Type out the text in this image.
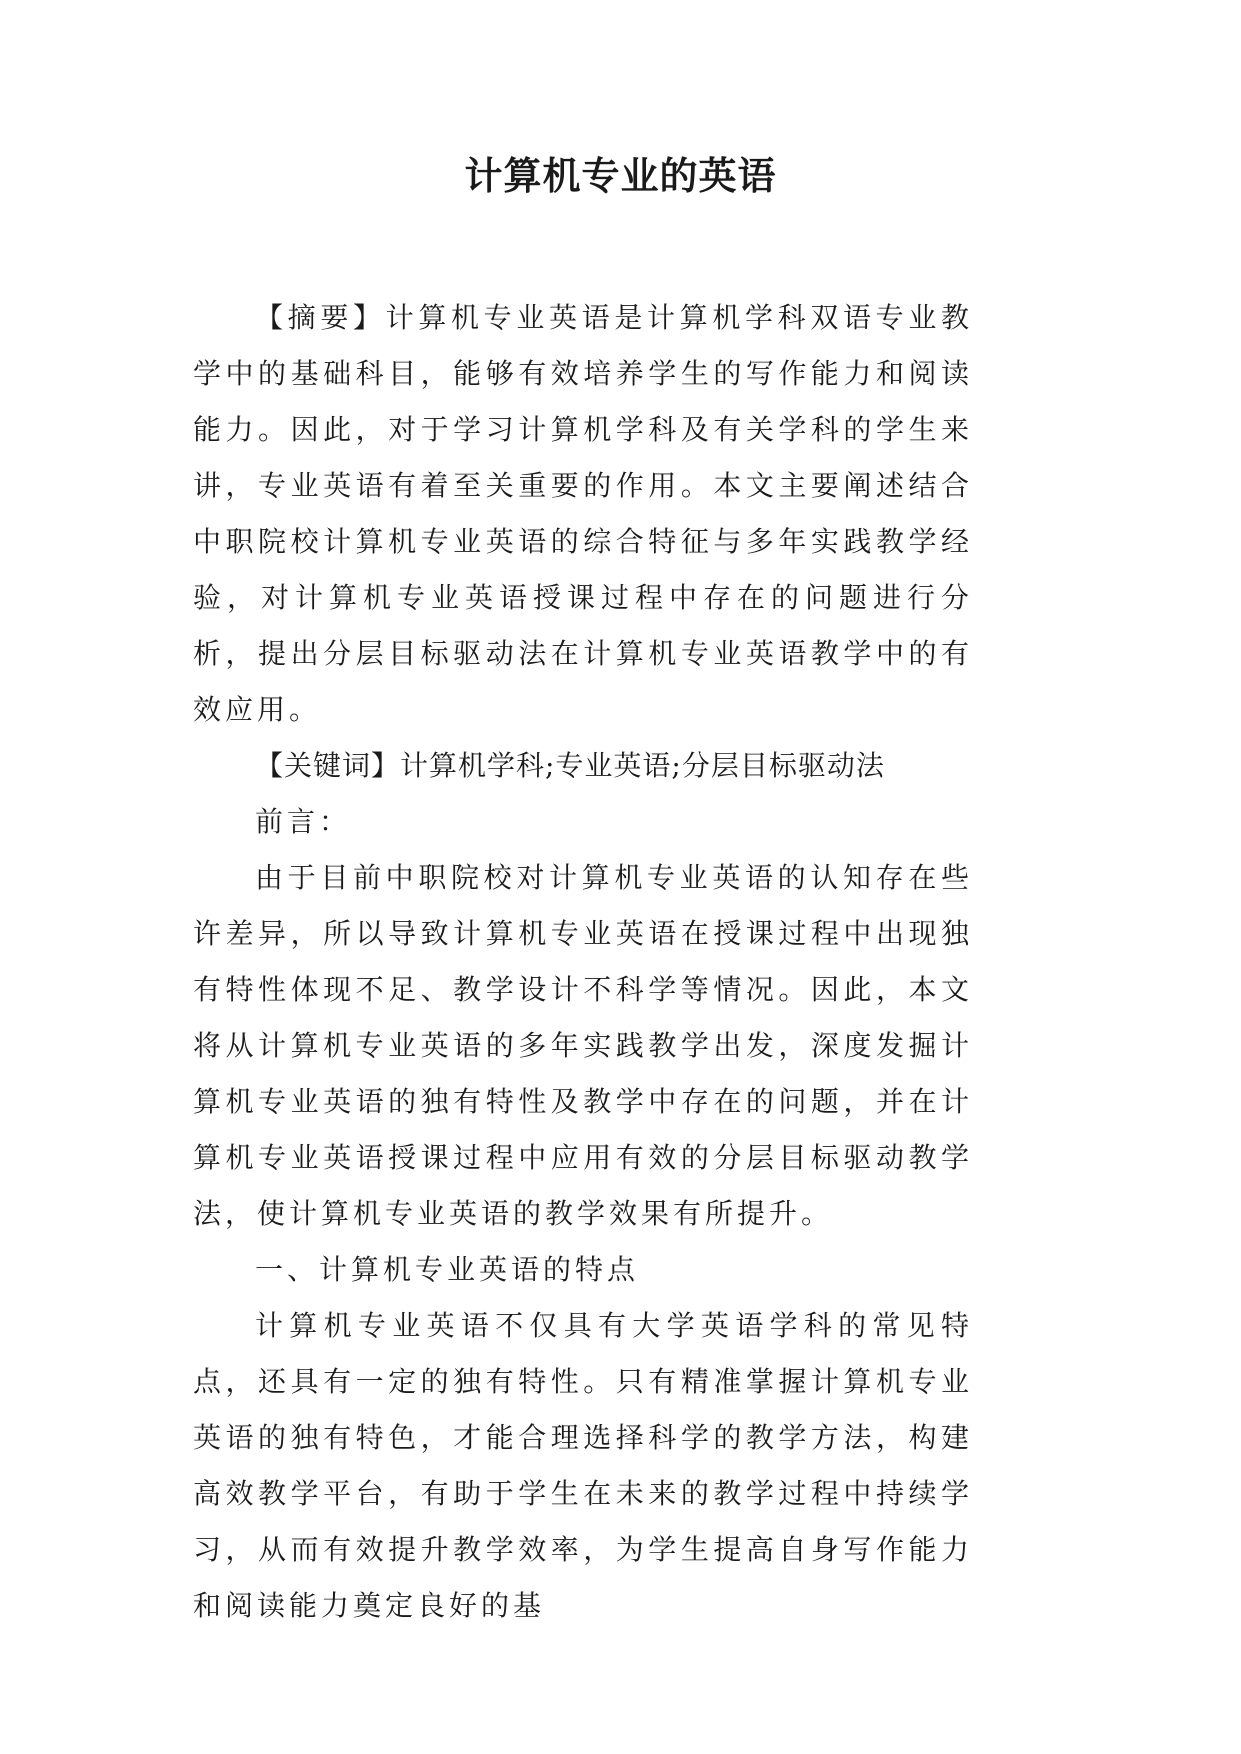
计算机专业的英语

【摘要】计算机专业英语是计算机学科双语专业教学中的基础科目，能够有效培养学生的写作能力和阅读能力。因此，对于学习计算机学科及有关学科的学生来讲，专业英语有着至关重要的作用。本文主要阐述结合中职院校计算机专业英语的综合特征与多年实践教学经验，对计算机专业英语授课过程中存在的问题进行分析，提出分层目标驱动法在计算机专业英语教学中的有效应用。

【关键词】计算机学科;专业英语;分层目标驱动法

前言：

由于目前中职院校对计算机专业英语的认知存在些许差异，所以导致计算机专业英语在授课过程中出现独有特性体现不足、教学设计不科学等情况。因此，本文将从计算机专业英语的多年实践教学出发，深度发掘计算机专业英语的独有特性及教学中存在的问题，并在计算机专业英语授课过程中应用有效的分层目标驱动教学法，使计算机专业英语的教学效果有所提升。

一、计算机专业英语的特点

计算机专业英语不仅具有大学英语学科的常见特点，还具有一定的独有特性。只有精准掌握计算机专业英语的独有特色，才能合理选择科学的教学方法，构建高效教学平台，有助于学生在未来的教学过程中持续学习，从而有效提升教学效率，为学生提高自身写作能力和阅读能力奠定良好的基
